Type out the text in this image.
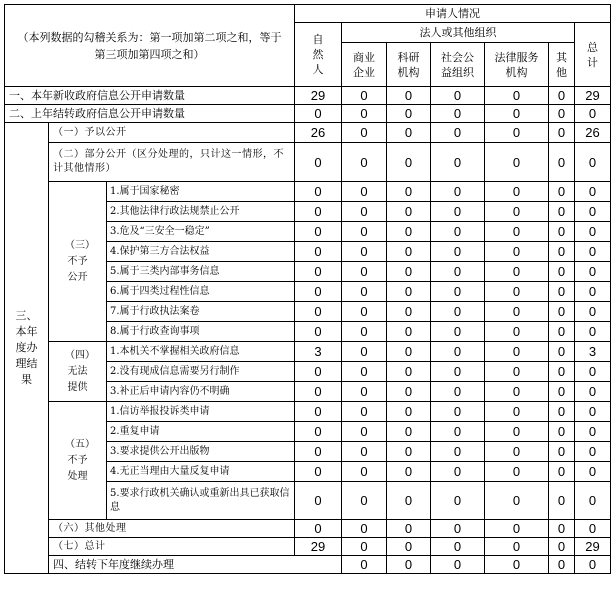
（本列数据的勾稽关系为：第一项加第二项之和，等于第三项加第四项之和）			申请人情况							
			自然人	法人或其他组织					总计	
				商业企业	科研机构	社会公益组织	法律服务机构	其他		
一、本年新收政府信息公开申请数量			29	0	0	0	0	0	29	
二、上年结转政府信息公开申请数量			0	0	0	0	0	0	0	
三、本年度办理结果	（一）予以公开		26	0	0	0	0	0	26	
	（二）部分公开（区分处理的，只计这一情形，不计其他情形）		0	0	0	0	0	0	0	
	（三）不予公开	1.属于国家秘密	0	0	0	0	0	0	0	
		2.其他法律行政法规禁止公开	0	0	0	0	0	0	0	
		3.危及“三安全一稳定”	0	0	0	0	0	0	0	
		4.保护第三方合法权益	0	0	0	0	0	0	0	
		5.属于三类内部事务信息	0	0	0	0	0	0	0	
		6.属于四类过程性信息	0	0	0	0	0	0	0	
		7.属于行政执法案卷	0	0	0	0	0	0	0	
		8.属于行政查询事项	0	0	0	0	0	0	0	
	（四）无法提供	1.本机关不掌握相关政府信息	3	0	0	0	0	0	3	
		2.没有现成信息需要另行制作	0	0	0	0	0	0	0	
		3.补正后申请内容仍不明确	0	0	0	0	0	0	0	
	（五）不予处理	1.信访举报投诉类申请	0	0	0	0	0	0	0	
		2.重复申请	0	0	0	0	0	0	0	
		3.要求提供公开出版物	0	0	0	0	0	0	0	
		4.无正当理由大量反复申请	0	0	0	0	0	0	0	
		5.要求行政机关确认或重新出具已获取信息	0	0	0	0	0	0	0	
	（六）其他处理		0	0	0	0	0	0	0	
	（七）总计		29	0	0	0	0	0	29	
	四、结转下年度继续办理			0	0	0	0	0	0	
